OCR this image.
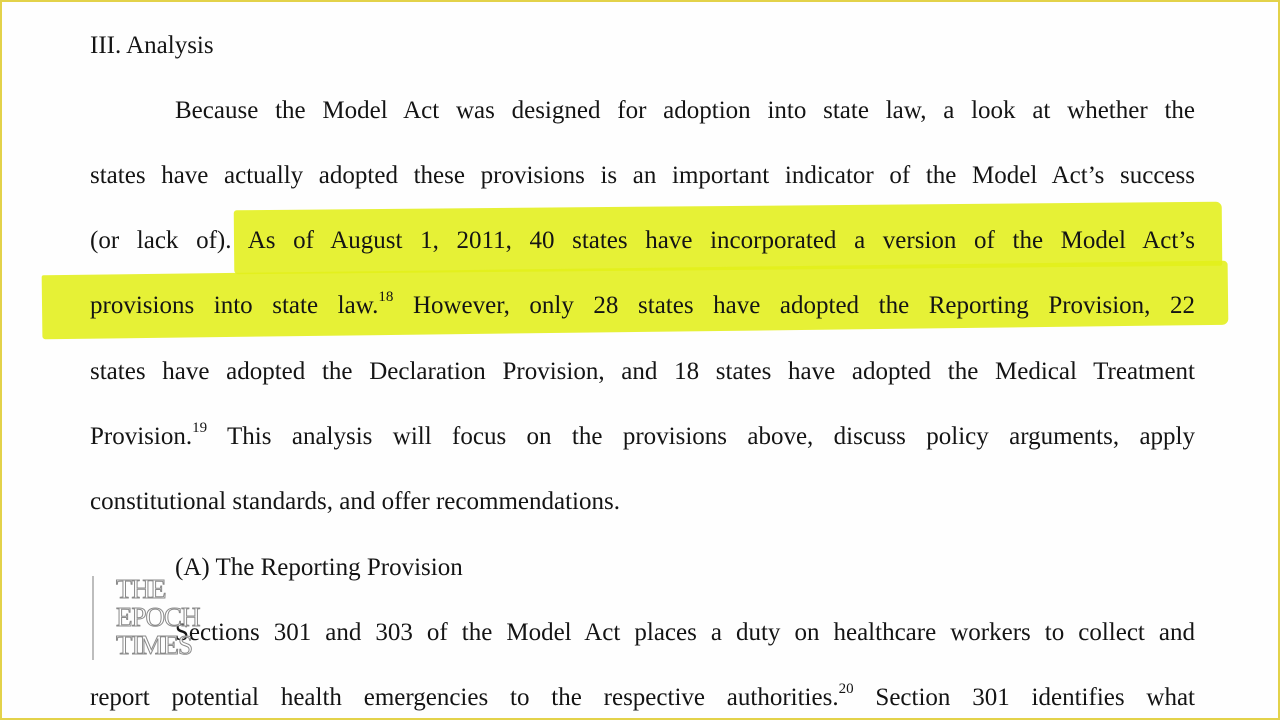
III. Analysis
Because the Model Act was designed for adoption into state law, a look at whether the
states have actually adopted these provisions is an important indicator of the Model Act’s success
(or lack of). As of August 1, 2011, 40 states have incorporated a version of the Model Act’s
provisions into state law.$^{18}$ However, only 28 states have adopted the Reporting Provision, 22
states have adopted the Declaration Provision, and 18 states have adopted the Medical Treatment
Provision.$^{19}$ This analysis will focus on the provisions above, discuss policy arguments, apply
constitutional standards, and offer recommendations.
(A) The Reporting Provision
Sections 301 and 303 of the Model Act places a duty on healthcare workers to collect and
report potential health emergencies to the respective authorities.$^{20}$ Section 301 identifies what
THE
EPOCH
TIMES
